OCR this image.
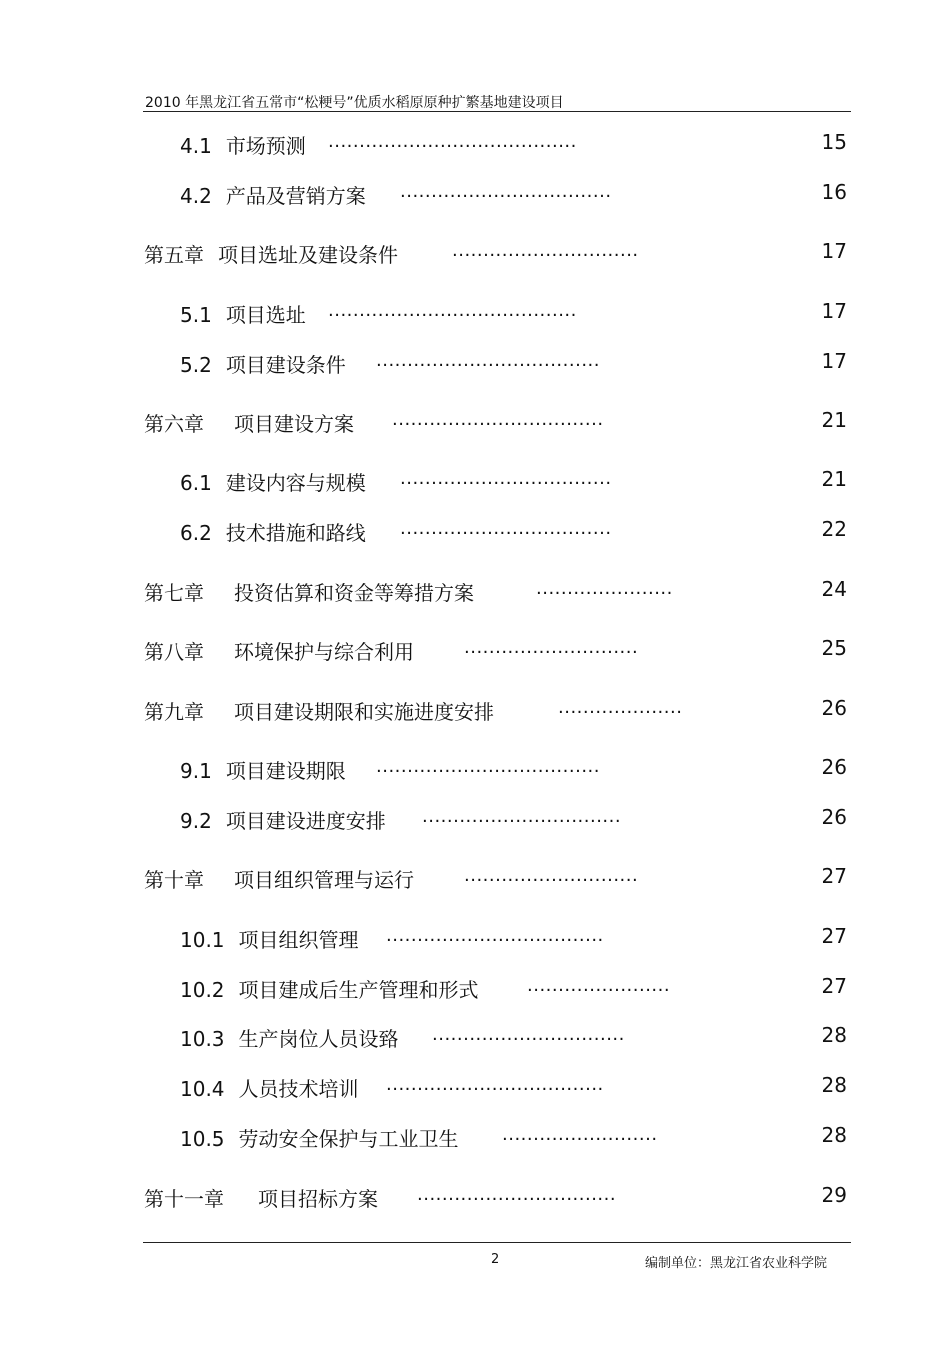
2010 年黑龙江省五常市“松粳号”优质水稻原原种扩繁基地建设项目
4.1 市场预测 ........................................	15
4.2 产品及营销方案 ..................................	16
第五章 项目选址及建设条件	..............................	17
5.1 项目选址 ........................................	17
5.2 项目建设条件 ....................................	17
第六章 项目建设方案 ..................................	21
6.1 建设内容与规模 ..................................	21
6.2 技术措施和路线 ..................................	22
第七章 投资估算和资金等筹措方案	......................	24
第八章 环境保护与综合利用	............................	25
第九章 项目建设期限和实施进度安排	....................	26
9.1 项目建设期限 ....................................	26
9.2 项目建设进度安排 ................................	26
第十章 项目组织管理与运行	............................	27
10.1 项目组织管理 ...................................	27
10.2 项目建成后生产管理和形式	.......................	27
10.3 生产岗位人员设臵 ...............................	28
10.4 人员技术培训 ...................................	28
10.5 劳动安全保护与工业卫生 .........................	28
第十一章 项目招标方案 ................................	29
2	编制单位：黑龙江省农业科学院
